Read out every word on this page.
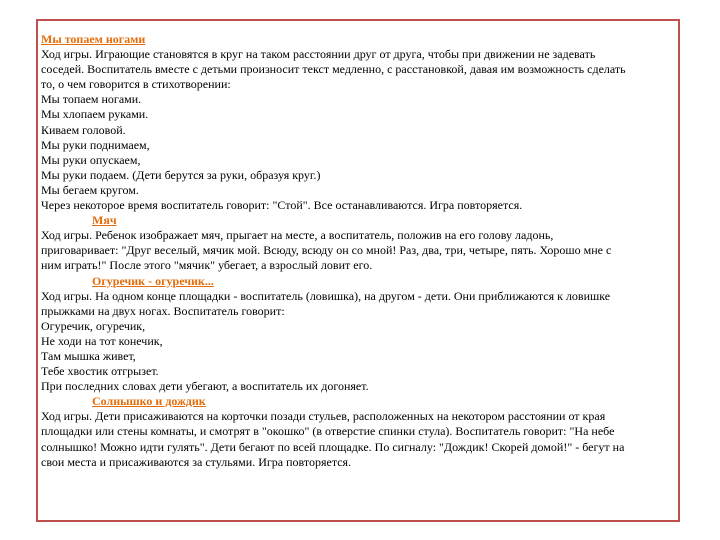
Мы топаем ногами
Ход игры. Играющие становятся в круг на таком расстоянии друг от друга, чтобы при движении не задевать
соседей. Воспитатель вместе с детьми произносит текст медленно, с расстановкой, давая им возможность сделать
то, о чем говорится в стихотворении:
Мы топаем ногами.
Мы хлопаем руками.
Киваем головой.
Мы руки поднимаем,
Мы руки опускаем,
Мы руки подаем. (Дети берутся за руки, образуя круг.)
Мы бегаем кругом.
Через некоторое время воспитатель говорит: "Стой". Все останавливаются. Игра повторяется.
Мяч
Ход игры. Ребенок изображает мяч, прыгает на месте, а воспитатель, положив на его голову ладонь,
приговаривает: "Друг веселый, мячик мой. Всюду, всюду он со мной! Раз, два, три, четыре, пять. Хорошо мне с
ним играть!" После этого "мячик" убегает, а взрослый ловит его.
Огуречик - огуречик...
Ход игры. На одном конце площадки - воспитатель (ловишка), на другом - дети. Они приближаются к ловишке
прыжками на двух ногах. Воспитатель говорит:
Огуречик, огуречик,
Не ходи на тот конечик,
Там мышка живет,
Тебе хвостик отгрызет.
При последних словах дети убегают, а воспитатель их догоняет.
Солнышко и дождик
Ход игры. Дети присаживаются на корточки позади стульев, расположенных на некотором расстоянии от края
площадки или стены комнаты, и смотрят в "окошко" (в отверстие спинки стула). Воспитатель говорит: "На небе
солнышко! Можно идти гулять". Дети бегают по всей площадке. По сигналу: "Дождик! Скорей домой!" - бегут на
свои места и присаживаются за стульями. Игра повторяется.
